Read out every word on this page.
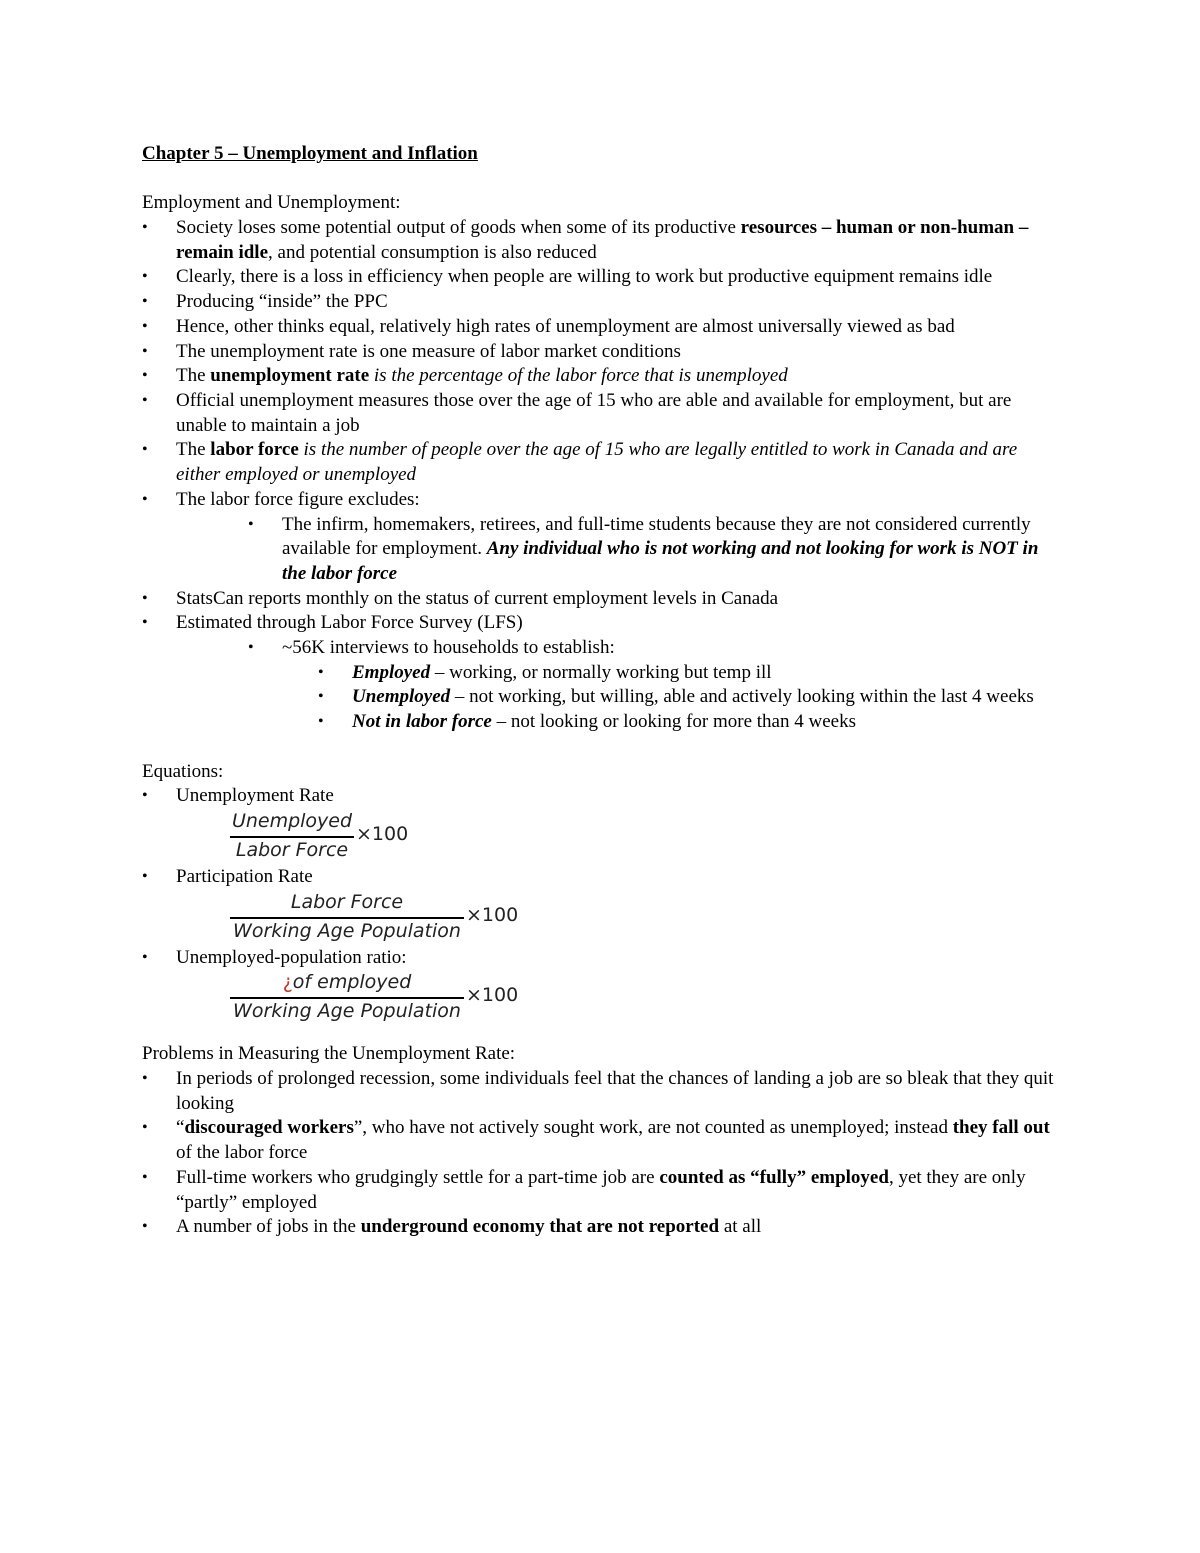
Chapter 5 – Unemployment and Inflation
Employment and Unemployment:
• Society loses some potential output of goods when some of its productive resources – human or non-human – remain idle, and potential consumption is also reduced
• Clearly, there is a loss in efficiency when people are willing to work but productive equipment remains idle
• Producing “inside” the PPC
• Hence, other thinks equal, relatively high rates of unemployment are almost universally viewed as bad
• The unemployment rate is one measure of labor market conditions
• The unemployment rate is the percentage of the labor force that is unemployed
• Official unemployment measures those over the age of 15 who are able and available for employment, but are unable to maintain a job
• The labor force is the number of people over the age of 15 who are legally entitled to work in Canada and are either employed or unemployed
• The labor force figure excludes:
• The infirm, homemakers, retirees, and full-time students because they are not considered currently available for employment. Any individual who is not working and not looking for work is NOT in the labor force
• StatsCan reports monthly on the status of current employment levels in Canada
• Estimated through Labor Force Survey (LFS)
• ~56K interviews to households to establish:
• Employed – working, or normally working but temp ill
• Unemployed – not working, but willing, able and actively looking within the last 4 weeks
• Not in labor force – not looking or looking for more than 4 weeks
Equations:
• Unemployment Rate
Unemployed
Labor Force
×100
• Participation Rate
Labor Force
Working Age Population
×100
• Unemployed-population ratio:
¿of employed
Working Age Population
×100
Problems in Measuring the Unemployment Rate:
• In periods of prolonged recession, some individuals feel that the chances of landing a job are so bleak that they quit looking
• “discouraged workers”, who have not actively sought work, are not counted as unemployed; instead they fall out of the labor force
• Full-time workers who grudgingly settle for a part-time job are counted as “fully” employed, yet they are only “partly” employed
• A number of jobs in the underground economy that are not reported at all
